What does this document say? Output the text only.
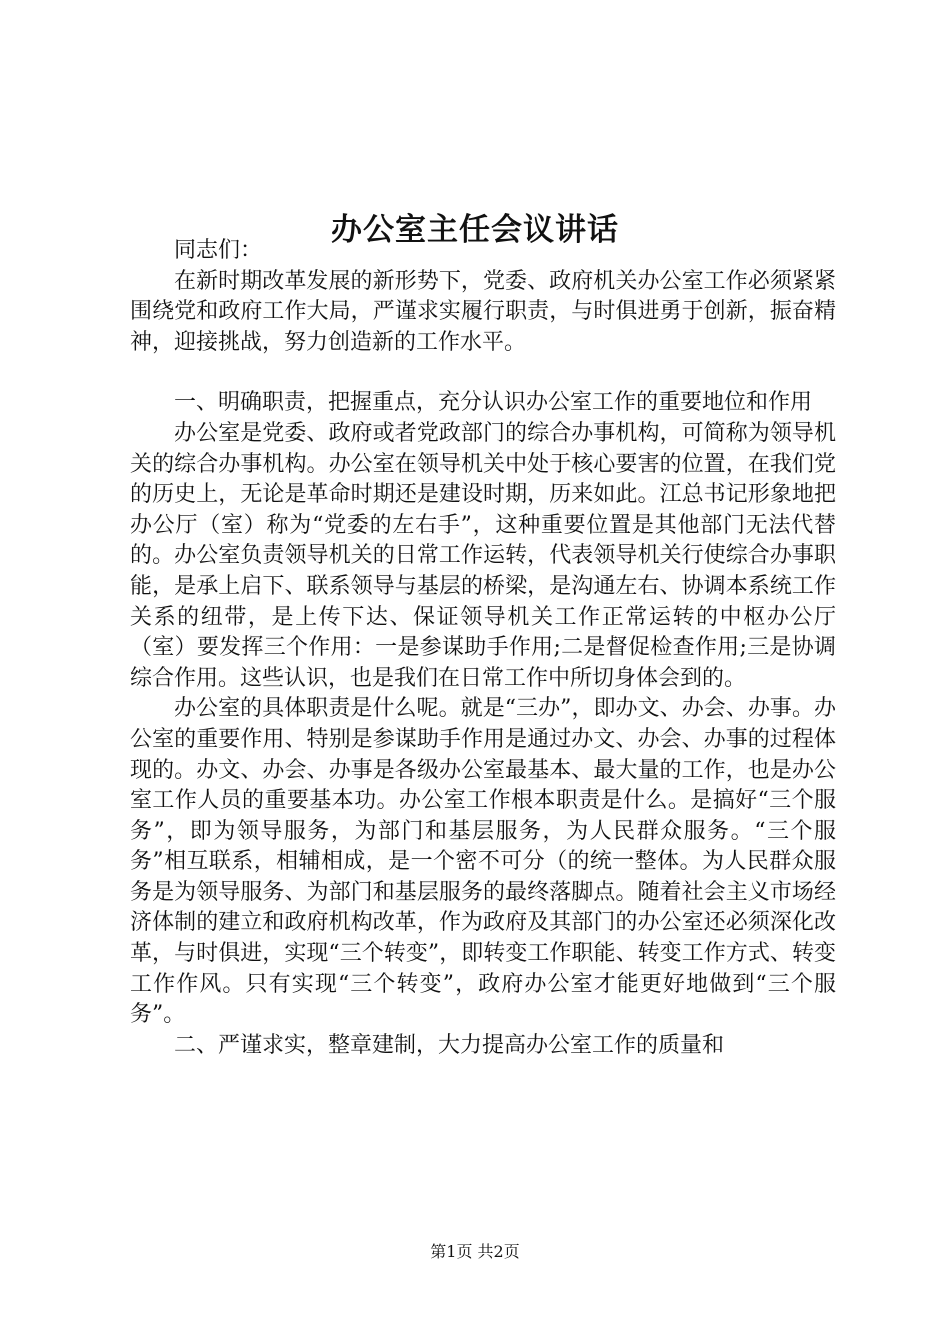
办公室主任会议讲话

同志们：

在新时期改革发展的新形势下，党委、政府机关办公室工作必须紧紧围绕党和政府工作大局，严谨求实履行职责，与时俱进勇于创新，振奋精神，迎接挑战，努力创造新的工作水平。

一、明确职责，把握重点，充分认识办公室工作的重要地位和作用

办公室是党委、政府或者党政部门的综合办事机构，可简称为领导机关的综合办事机构。办公室在领导机关中处于核心要害的位置，在我们党的历史上，无论是革命时期还是建设时期，历来如此。江总书记形象地把办公厅（室）称为“党委的左右手”，这种重要位置是其他部门无法代替的。办公室负责领导机关的日常工作运转，代表领导机关行使综合办事职能，是承上启下、联系领导与基层的桥梁，是沟通左右、协调本系统工作关系的纽带，是上传下达、保证领导机关工作正常运转的中枢办公厅（室）要发挥三个作用：一是参谋助手作用;二是督促检查作用;三是协调综合作用。这些认识，也是我们在日常工作中所切身体会到的。

办公室的具体职责是什么呢。就是“三办”，即办文、办会、办事。办公室的重要作用、特别是参谋助手作用是通过办文、办会、办事的过程体现的。办文、办会、办事是各级办公室最基本、最大量的工作，也是办公室工作人员的重要基本功。办公室工作根本职责是什么。是搞好“三个服务”，即为领导服务，为部门和基层服务，为人民群众服务。“三个服务”相互联系，相辅相成，是一个密不可分（的统一整体。为人民群众服务是为领导服务、为部门和基层服务的最终落脚点。随着社会主义市场经济体制的建立和政府机构改革，作为政府及其部门的办公室还必须深化改革，与时俱进，实现“三个转变”，即转变工作职能、转变工作方式、转变工作作风。只有实现“三个转变”，政府办公室才能更好地做到“三个服务”。

二、严谨求实，整章建制，大力提高办公室工作的质量和

第1页 共2页
